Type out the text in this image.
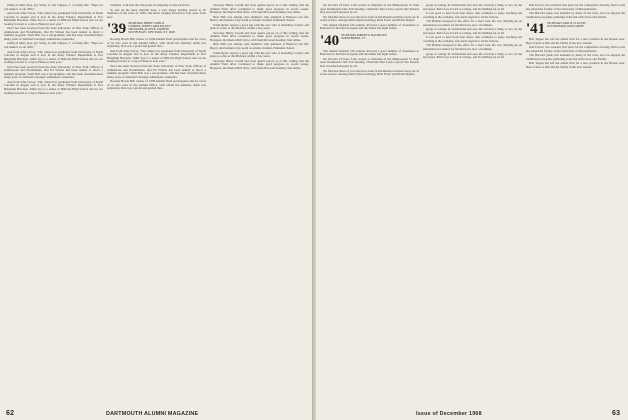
siding of Mary Kay, (2), Vicky, 9, and Chipper, 7, of doing fine. "Hope we can make it to our 30th."

And from John Clever, "Our oldest boy graduated from University of North Carolina in August and is now in the Army Finance Department at Fort Benjamin Harrison. Other boy is a senior at Hillcrest High School and we are looking forward to a trip to Hanover next year."

Word has been received from the State University of New York. Offices of Admissions and Enrollments, that Ed Wilson has been named to direct a summer program. Sindt Bob was a ten-graduate, and has been classified these many years as Vermont's strategic admissions counsellor.

siding of Mary Kay, (2), Vicky, 9, and Chipper, 7, of doing fine. "Hope we can make it to our 30th."

And from John Clever, "Our oldest boy graduated from University of North Carolina in August and is now in the Army Finance Department at Fort Benjamin Harrison. Other boy is a senior at Hillcrest High School and we are looking forward to a trip to Hanover next year."

Word has been received from the State University of New York. Offices of Admissions and Enrollments, that Ed Wilson has been named to direct a summer program. Sindt Bob was a ten-graduate, and has been classified these many years as Vermont's strategic admissions counsellor.

And from John Clever, "Our oldest boy graduated from University of North Carolina in August and is now in the Army Finance Department at Fort Benjamin Harrison. Other boy is a senior at Hillcrest High School and we are looking forward to a trip to Hanover next year."

available. I am sure the class joins in sympathy for his survivors.

To end on the most cheerful note, a very happy holiday season to all members of the Class of 1939, and here's looking forward to four years from now.

'39 SECRETARY, HENRY CORELLI
CONKERS, NORTH CAROLINA 28717
TREASURER, ALLEN B. VOGHTER
ISIS FIFTH AVE., NEW YORK, N.Y. 10028

Dorothy Bosch Hill, widow of 1938 Alumni Fund participation and for a few of us who were in the Alumni Office, with whom his untimely death was surprising. Don was a grand and guided that...

And from John Clever, "Our oldest boy graduated from University of North Carolina in August and is now in the Army Finance Department at Fort Benjamin Harrison. Other boy is a senior at Hillcrest High School and we are looking forward to a trip to Hanover next year."

Word has been received from the State University of New York. Offices of Admissions and Enrollments, that Ed Wilson has been named to direct a summer program. Sindt Bob was a ten-graduate, and has been classified these many years as Vermont's strategic admissions counsellor.

Dorothy Bosch Hill, widow of 1938 Alumni Fund participation and for a few of us who were in the Alumni Office, with whom his untimely death was surprising. Don was a grand and guided that...

Secretary Henry Corelli and class agents report, as of this writing, that the Alumni Fund drive continued to make good progress in recent weeks. Hodgson, the Marion Bell drive, with Sam McLaren heading class tallies.

Dick Heft was among class members who gathered at Hanover last fall. Heavy rain marked a trip north as Adams, Kramer, Edmunds visited.

Frank Ryder reports a good trip with his son, who is attending Cornell, and plans to retire to the Midwest within a few years.

Secretary Henry Corelli and class agents report, as of this writing, that the Alumni Fund drive continued to make good progress in recent weeks. Hodgson, the Marion Bell drive, with Sam McLaren heading class tallies.

Dick Heft was among class members who gathered at Hanover last fall. Heavy rain marked a trip north as Adams, Kramer, Edmunds visited.

Frank Ryder reports a good trip with his son, who is attending Cornell, and plans to retire to the Midwest within a few years.

Secretary Henry Corelli and class agents report, as of this writing, that the Alumni Fund drive continued to make good progress in recent weeks. Hodgson, the Marion Bell drive, with Sam McLaren heading class tallies.

62	DARTMOUTH ALUMNI MAGAZINE

On October 23 Dave Lilly served as chairman of the Minneapolis St. Paul Area Dartmouth Club Fall meeting. Chairman Mal Lewis reports that Parents Day was much enjoyed by all.

We find that those of you who have been in Dartmouth activities lately are in active service. Among them Charles Kellogg, Dick Ewart and Hollis Rogers.

The annual informal fall reunion attracted a good number of classmates to Hanover for the Harvard game and the dinner the night before.

'40 SECRETARY, ROBERT W. MACMILLEN
NORTH BRIDGE, VT.

The annual informal fall reunion attracted a good number of classmates to Hanover for the Harvard game and the dinner the night before.

On October 23 Dave Lilly served as chairman of the Minneapolis St. Paul Area Dartmouth Club Fall meeting. Chairman Mal Lewis reports that Parents Day was much enjoyed by all.

We find that those of you who have been in Dartmouth activities lately are in active service. Among them Charles Kellogg, Dick Ewart and Hollis Rogers.

group in college in Switzerland and sees the old man a thing or two on the ski slopes. Bob's boy is back at college, and it's thrilling for us all.

It was good to hear from Stan Sears, who continues to enjoy teaching and coaching at the academy, and sends regards to all the fellows.

Clif Holmes dropped by the office for a short visit. He was checking up on retirement procedures for his third son, now a freshman.

group in college in Switzerland and sees the old man a thing or two on the ski slopes. Bob's boy is back at college, and it's thrilling for us all.

It was good to hear from Stan Sears, who continues to enjoy teaching and coaching at the academy, and sends regards to all the fellows.

Clif Holmes dropped by the office for a short visit. He was checking up on retirement procedures for his third son, now a freshman.

group in college in Switzerland and sees the old man a thing or two on the ski slopes. Bob's boy is back at college, and it's thrilling for us all.

Dan Forrest was awarded first prize for his competitive drawing. Bob Lewis has joined the faculty of the University of Massachusetts.

The Harvard game was attended by many of the class, and we enjoyed the traditional post-game gathering at the Inn with wives and friends.

'41 SECRETARY, EARL H. CLAYTON
OLD ORCHARD, GRAY, MAINE

Bob Tepper has left the Allied firm for a new position in the Boston area. Best of luck to him and his family in the new venture.

Dan Forrest was awarded first prize for his competitive drawing. Bob Lewis has joined the faculty of the University of Massachusetts.

The Harvard game was attended by many of the class, and we enjoyed the traditional post-game gathering at the Inn with wives and friends.

Bob Tepper has left the Allied firm for a new position in the Boston area. Best of luck to him and his family in the new venture.

Issue of December 1968	63
